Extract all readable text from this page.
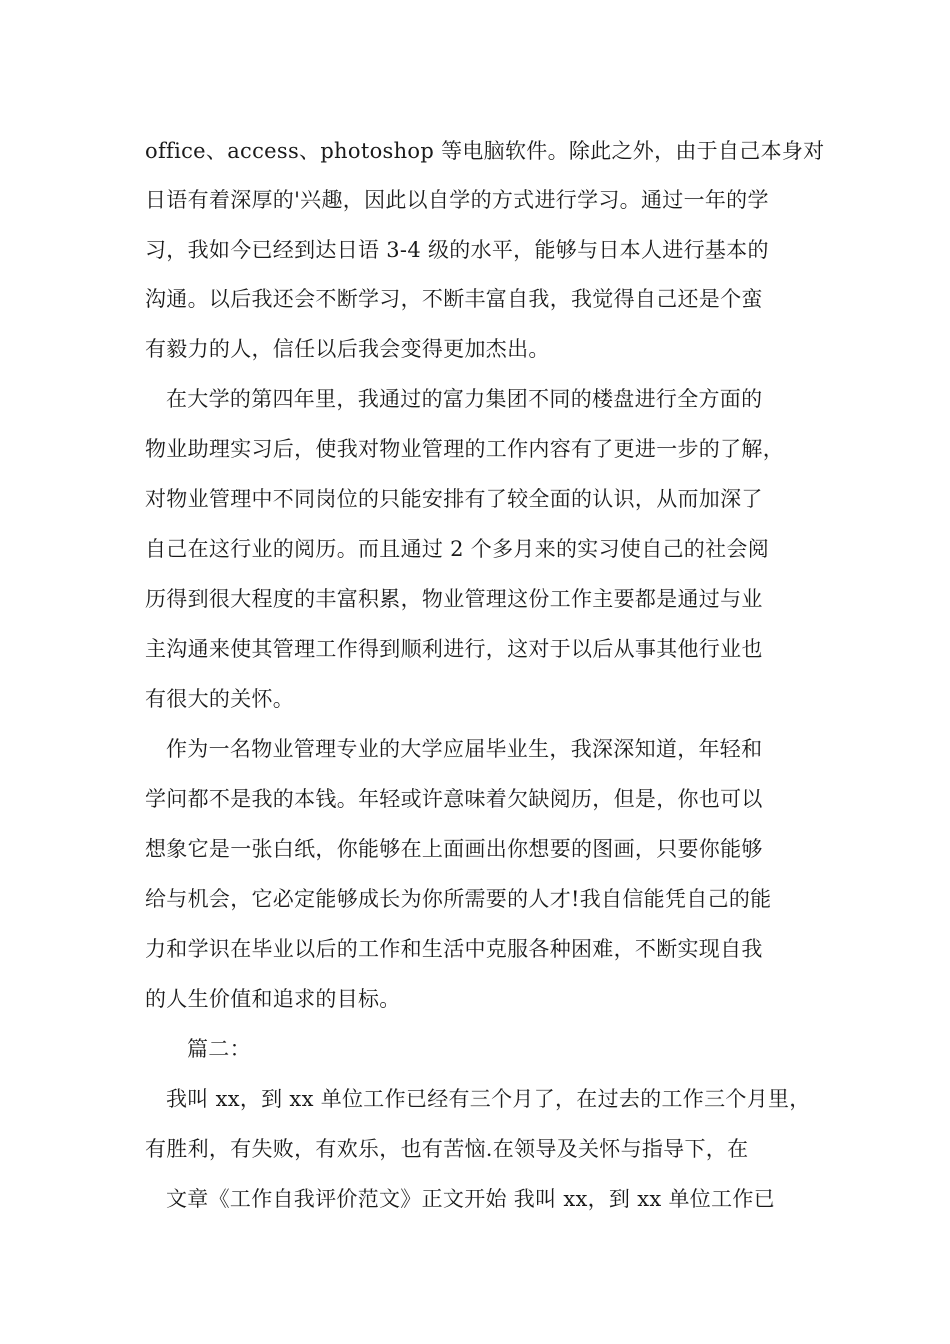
office、access、photoshop 等电脑软件。除此之外，由于自己本身对
日语有着深厚的'兴趣，因此以自学的方式进行学习。通过一年的学
习，我如今已经到达日语 3-4 级的水平，能够与日本人进行基本的
沟通。以后我还会不断学习，不断丰富自我，我觉得自己还是个蛮
有毅力的人，信任以后我会变得更加杰出。
在大学的第四年里，我通过的富力集团不同的楼盘进行全方面的
物业助理实习后，使我对物业管理的工作内容有了更进一步的了解，
对物业管理中不同岗位的只能安排有了较全面的认识，从而加深了
自己在这行业的阅历。而且通过 2 个多月来的实习使自己的社会阅
历得到很大程度的丰富积累，物业管理这份工作主要都是通过与业
主沟通来使其管理工作得到顺利进行，这对于以后从事其他行业也
有很大的关怀。
作为一名物业管理专业的大学应届毕业生，我深深知道，年轻和
学问都不是我的本钱。年轻或许意味着欠缺阅历，但是，你也可以
想象它是一张白纸，你能够在上面画出你想要的图画，只要你能够
给与机会，它必定能够成长为你所需要的人才!我自信能凭自己的能
力和学识在毕业以后的工作和生活中克服各种困难，不断实现自我
的人生价值和追求的目标。
篇二：
我叫 xx，到 xx 单位工作已经有三个月了，在过去的工作三个月里，
有胜利，有失败，有欢乐，也有苦恼.在领导及关怀与指导下，在
文章《工作自我评价范文》正文开始 我叫 xx，到 xx 单位工作已
